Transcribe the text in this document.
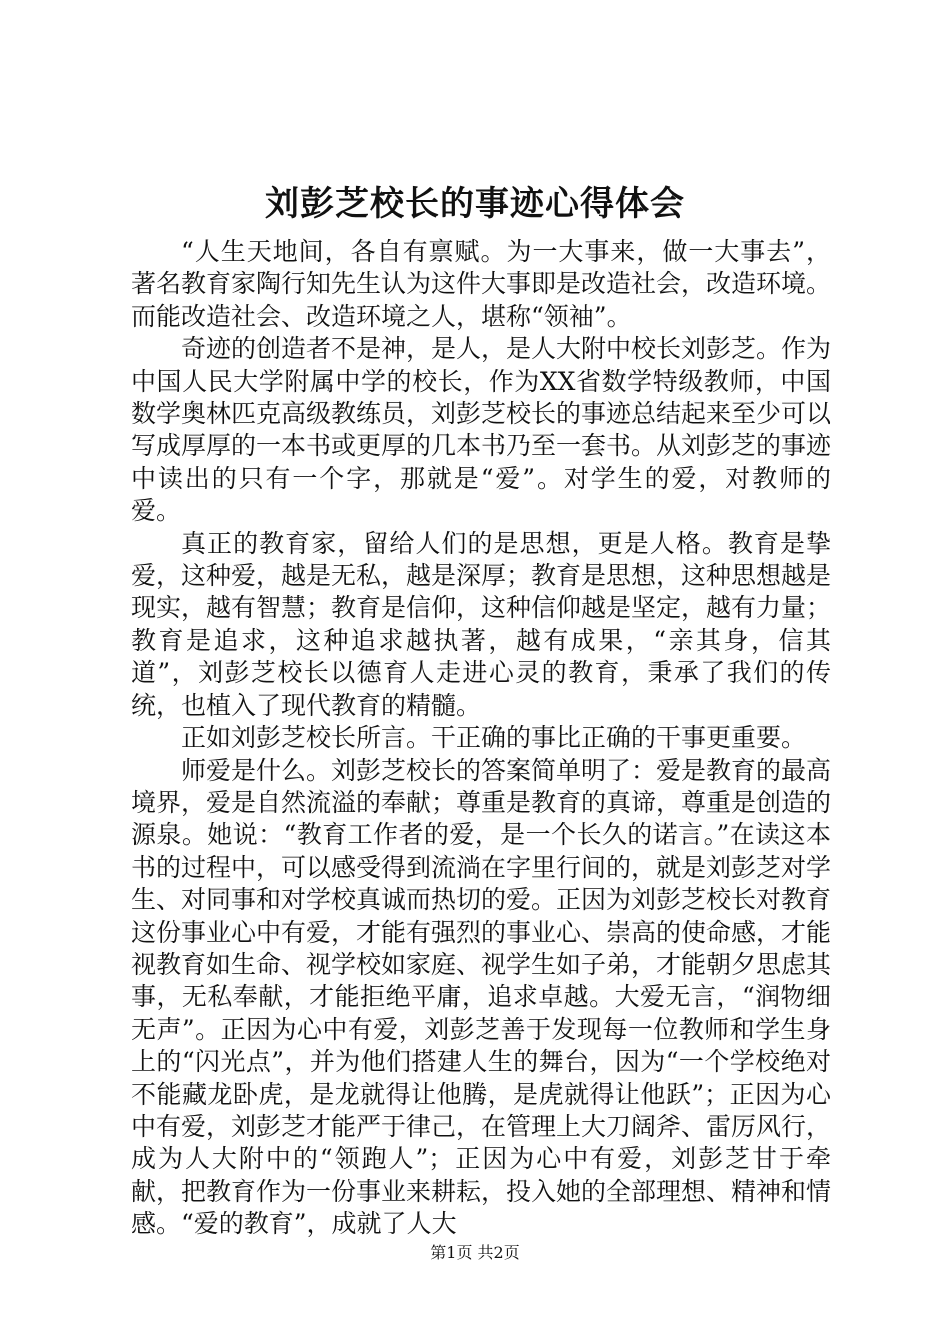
刘彭芝校长的事迹心得体会

“人生天地间，各自有禀赋。为一大事来，做一大事去”，著名教育家陶行知先生认为这件大事即是改造社会，改造环境。而能改造社会、改造环境之人，堪称“领袖”。

奇迹的创造者不是神，是人，是人大附中校长刘彭芝。作为中国人民大学附属中学的校长，作为XX省数学特级教师，中国数学奥林匹克高级教练员，刘彭芝校长的事迹总结起来至少可以写成厚厚的一本书或更厚的几本书乃至一套书。从刘彭芝的事迹中读出的只有一个字，那就是“爱”。对学生的爱，对教师的爱。

真正的教育家，留给人们的是思想，更是人格。教育是挚爱，这种爱，越是无私，越是深厚；教育是思想，这种思想越是现实，越有智慧；教育是信仰，这种信仰越是坚定，越有力量；教育是追求，这种追求越执著，越有成果，“亲其身，信其道”，刘彭芝校长以德育人走进心灵的教育，秉承了我们的传统，也植入了现代教育的精髓。

正如刘彭芝校长所言。干正确的事比正确的干事更重要。

师爱是什么。刘彭芝校长的答案简单明了：爱是教育的最高境界，爱是自然流溢的奉献；尊重是教育的真谛，尊重是创造的源泉。她说：“教育工作者的爱，是一个长久的诺言。”在读这本书的过程中，可以感受得到流淌在字里行间的，就是刘彭芝对学生、对同事和对学校真诚而热切的爱。正因为刘彭芝校长对教育这份事业心中有爱，才能有强烈的事业心、崇高的使命感，才能视教育如生命、视学校如家庭、视学生如子弟，才能朝夕思虑其事，无私奉献，才能拒绝平庸，追求卓越。大爱无言，“润物细无声”。正因为心中有爱，刘彭芝善于发现每一位教师和学生身上的“闪光点”，并为他们搭建人生的舞台，因为“一个学校绝对不能藏龙卧虎，是龙就得让他腾，是虎就得让他跃”；正因为心中有爱，刘彭芝才能严于律己，在管理上大刀阔斧、雷厉风行，成为人大附中的“领跑人”；正因为心中有爱，刘彭芝甘于牵献，把教育作为一份事业来耕耘，投入她的全部理想、精神和情感。“爱的教育”，成就了人大

第1页 共2页
